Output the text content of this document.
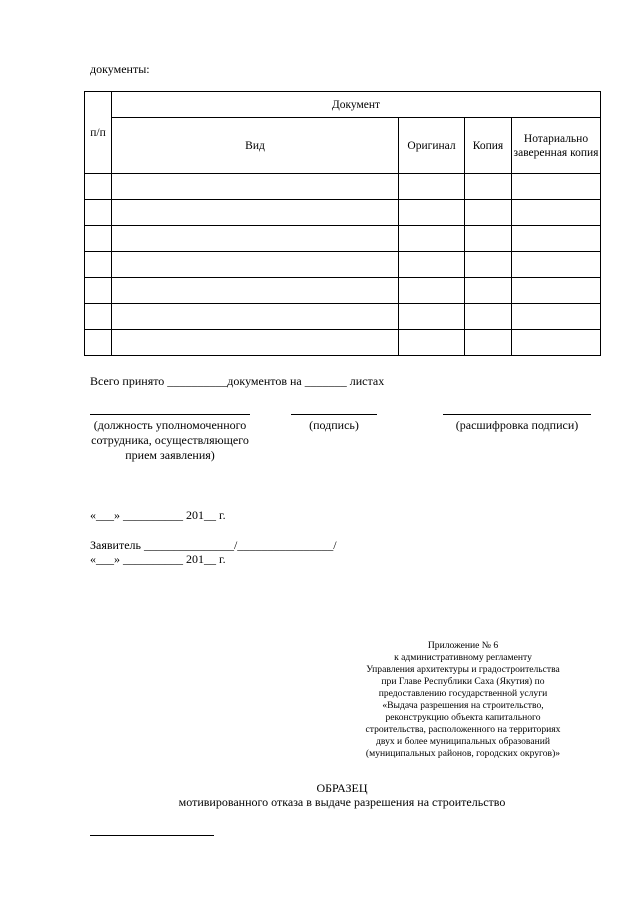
документы:
п/п	Документ			
	Вид	Оригинал	Копия	Нотариально заверенная копия

Всего принято __________документов на _______ листах
(должность уполномоченного сотрудника, осуществляющего прием заявления)
(подпись)	(расшифровка подписи)
«___» __________ 201__ г.
Заявитель _______________/________________/
«___» __________ 201__ г.
Приложение № 6
к административному регламенту
Управления архитектуры и градостроительства
при Главе Республики Саха (Якутия) по
предоставлению государственной услуги
«Выдача разрешения на строительство,
реконструкцию объекта капитального
строительства, расположенного на территориях
двух и более муниципальных образований
(муниципальных районов, городских округов)»
ОБРАЗЕЦ
мотивированного отказа в выдаче разрешения на строительство
